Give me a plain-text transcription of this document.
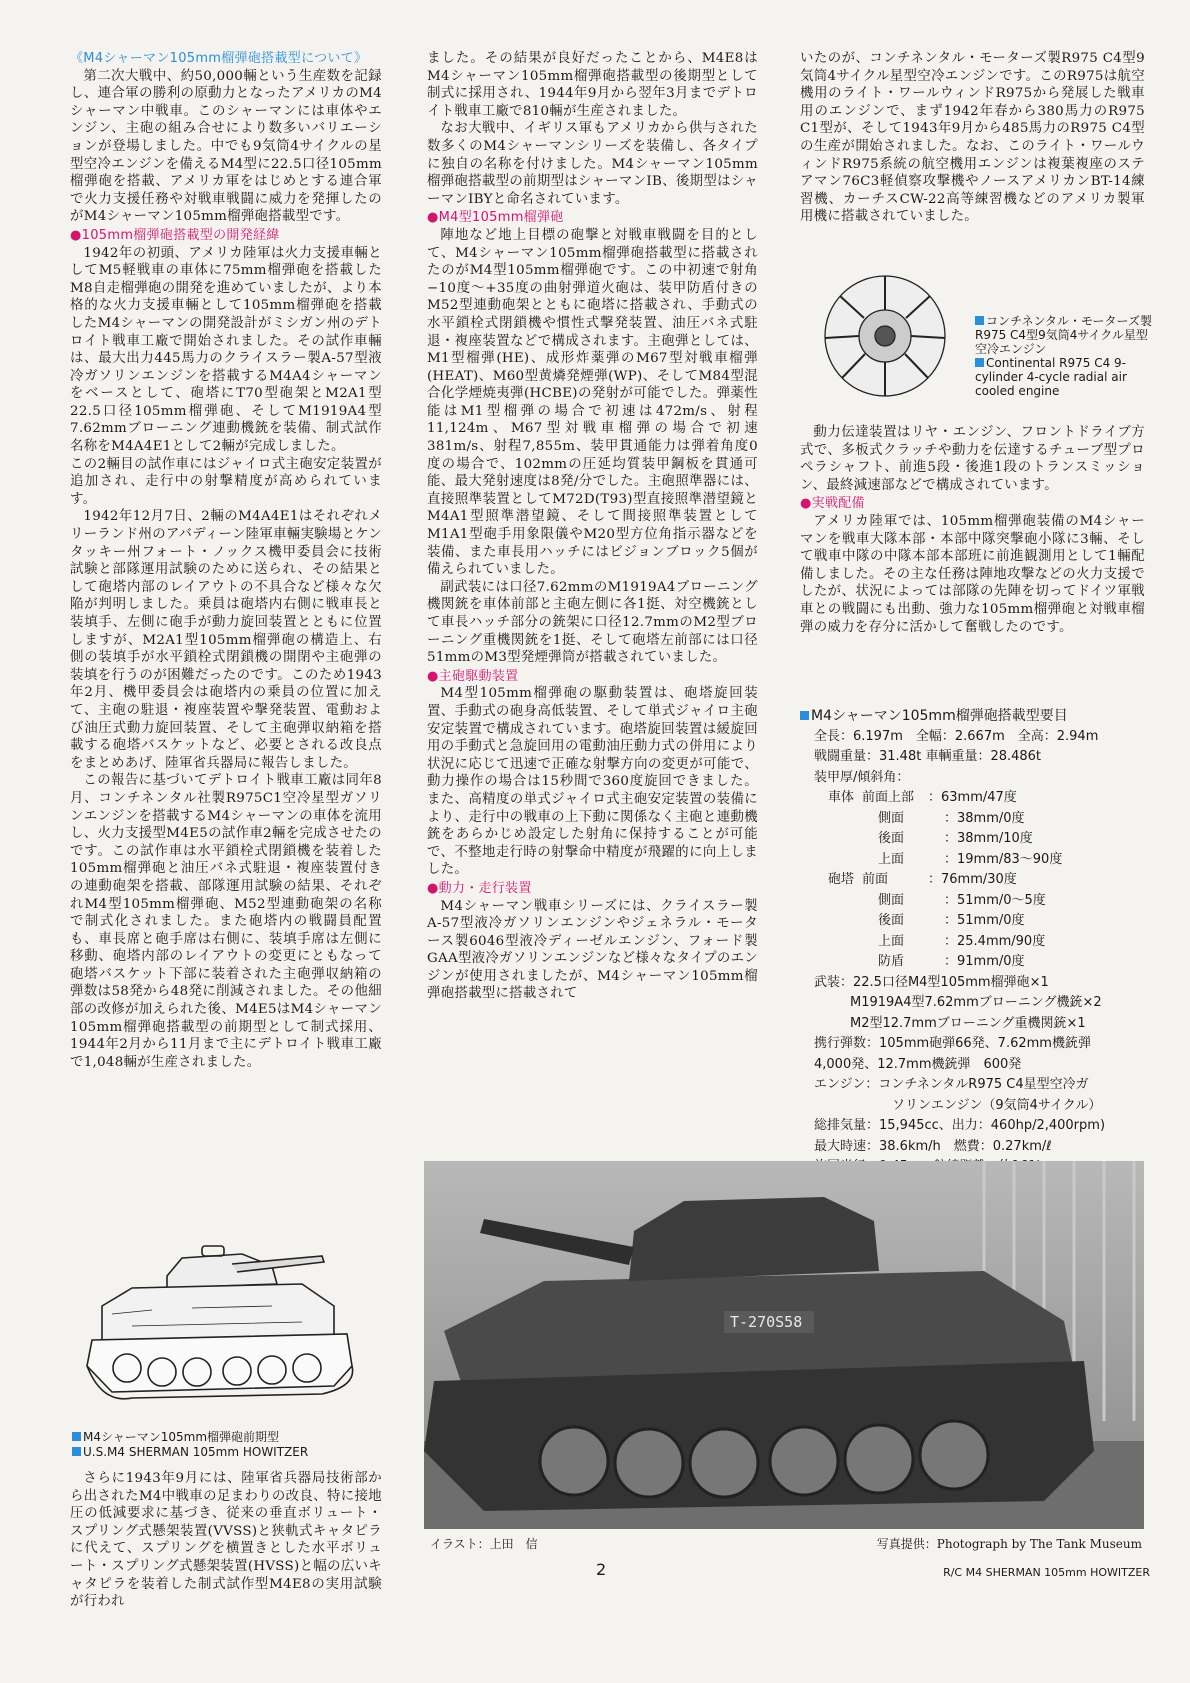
《M4シャーマン105mm榴弾砲搭載型について》

第二次大戦中、約50,000輛という生産数を記録し、連合軍の勝利の原動力となったアメリカのM4シャーマン中戦車。このシャーマンには車体やエンジン、主砲の組み合せにより数多いバリエーションが登場しました。中でも9気筒4サイクルの星型空冷エンジンを備えるM4型に22.5口径105mm榴弾砲を搭載、アメリカ軍をはじめとする連合軍で火力支援任務や対戦車戦闘に威力を発揮したのがM4シャーマン105mm榴弾砲搭載型です。

●105mm榴弾砲搭載型の開発経緯

1942年の初頭、アメリカ陸軍は火力支援車輛としてM5軽戦車の車体に75mm榴弾砲を搭載したM8自走榴弾砲の開発を進めていましたが、より本格的な火力支援車輛として105mm榴弾砲を搭載したM4シャーマンの開発設計がミシガン州のデトロイト戦車工廠で開始されました。その試作車輛は、最大出力445馬力のクライスラー製A-57型液冷ガソリンエンジンを搭載するM4A4シャーマンをベースとして、砲塔にT70型砲架とM2A1型22.5口径105mm榴弾砲、そしてM1919A4型7.62mmブローニング連動機銃を装備、制式試作名称をM4A4E1として2輛が完成しました。

この2輛目の試作車にはジャイロ式主砲安定装置が追加され、走行中の射撃精度が高められています。

1942年12月7日、2輛のM4A4E1はそれぞれメリーランド州のアバディーン陸軍車輛実験場とケンタッキー州フォート・ノックス機甲委員会に技術試験と部隊運用試験のために送られ、その結果として砲塔内部のレイアウトの不具合など様々な欠陥が判明しました。乗員は砲塔内右側に戦車長と装填手、左側に砲手が動力旋回装置とともに位置しますが、M2A1型105mm榴弾砲の構造上、右側の装填手が水平鎖栓式閉鎖機の開閉や主砲弾の装填を行うのが困難だったのです。このため1943年2月、機甲委員会は砲塔内の乗員の位置に加えて、主砲の駐退・複座装置や撃発装置、電動および油圧式動力旋回装置、そして主砲弾収納箱を搭載する砲塔バスケットなど、必要とされる改良点をまとめあげ、陸軍省兵器局に報告しました。

この報告に基づいてデトロイト戦車工廠は同年8月、コンチネンタル社製R975C1空冷星型ガソリンエンジンを搭載するM4シャーマンの車体を流用し、火力支援型M4E5の試作車2輛を完成させたのです。この試作車は水平鎖栓式閉鎖機を装着した105mm榴弾砲と油圧バネ式駐退・複座装置付きの連動砲架を搭載、部隊運用試験の結果、それぞれM4型105mm榴弾砲、M52型連動砲架の名称で制式化されました。また砲塔内の戦闘員配置も、車長席と砲手席は右側に、装填手席は左側に移動、砲塔内部のレイアウトの変更にともなって砲塔バスケット下部に装着された主砲弾収納箱の弾数は58発から48発に削減されました。その他細部の改修が加えられた後、M4E5はM4シャーマン105mm榴弾砲搭載型の前期型として制式採用、1944年2月から11月まで主にデトロイト戦車工廠で1,048輛が生産されました。

M4シャーマン105mm榴弾砲前期型
U.S.M4 SHERMAN 105mm HOWITZER

さらに1943年9月には、陸軍省兵器局技術部から出されたM4中戦車の足まわりの改良、特に接地圧の低減要求に基づき、従来の垂直ボリュート・スプリング式懸架装置(VVSS)と狭軌式キャタピラに代えて、スプリングを横置きとした水平ボリュート・スプリング式懸架装置(HVSS)と幅の広いキャタピラを装着した制式試作型M4E8の実用試験が行われ

ました。その結果が良好だったことから、M4E8はM4シャーマン105mm榴弾砲搭載型の後期型として制式に採用され、1944年9月から翌年3月までデトロイト戦車工廠で810輛が生産されました。

なお大戦中、イギリス軍もアメリカから供与された数多くのM4シャーマンシリーズを装備し、各タイプに独自の名称を付けました。M4シャーマン105mm榴弾砲搭載型の前期型はシャーマンIB、後期型はシャーマンIBYと命名されています。

●M4型105mm榴弾砲

陣地など地上目標の砲撃と対戦車戦闘を目的として、M4シャーマン105mm榴弾砲搭載型に搭載されたのがM4型105mm榴弾砲です。この中初速で射角−10度〜+35度の曲射弾道火砲は、装甲防盾付きのM52型連動砲架とともに砲塔に搭載され、手動式の水平鎖栓式閉鎖機や慣性式撃発装置、油圧バネ式駐退・複座装置などで構成されます。主砲弾としては、M1型榴弾(HE)、成形炸薬弾のM67型対戦車榴弾(HEAT)、M60型黄燐発煙弾(WP)、そしてM84型混合化学煙焼夷弾(HCBE)の発射が可能でした。弾薬性能はM1型榴弾の場合で初速は472m/s、射程11,124m、M67型対戦車榴弾の場合で初速381m/s、射程7,855m、装甲貫通能力は弾着角度0度の場合で、102mmの圧延均質装甲鋼板を貫通可能、最大発射速度は8発/分でした。主砲照準器には、直接照準装置としてM72D(T93)型直接照準潜望鏡とM4A1型照準潜望鏡、そして間接照準装置としてM1A1型砲手用象限儀やM20型方位角指示器などを装備、また車長用ハッチにはビジョンブロック5個が備えられていました。

副武装には口径7.62mmのM1919A4ブローニング機関銃を車体前部と主砲左側に各1挺、対空機銃として車長ハッチ部分の銃架に口径12.7mmのM2型ブローニング重機関銃を1挺、そして砲塔左前部には口径51mmのM3型発煙弾筒が搭載されていました。

●主砲駆動装置

M4型105mm榴弾砲の駆動装置は、砲塔旋回装置、手動式の砲身高低装置、そして単式ジャイロ主砲安定装置で構成されています。砲塔旋回装置は緩旋回用の手動式と急旋回用の電動油圧動力式の併用により状況に応じて迅速で正確な射撃方向の変更が可能で、動力操作の場合は15秒間で360度旋回できました。また、高精度の単式ジャイロ式主砲安定装置の装備により、走行中の戦車の上下動に関係なく主砲と連動機銃をあらかじめ設定した射角に保持することが可能で、不整地走行時の射撃命中精度が飛躍的に向上しました。

●動力・走行装置

M4シャーマン戦車シリーズには、クライスラー製A-57型液冷ガソリンエンジンやジェネラル・モータース製6046型液冷ディーゼルエンジン、フォード製GAA型液冷ガソリンエンジンなど様々なタイプのエンジンが使用されましたが、M4シャーマン105mm榴弾砲搭載型に搭載されて

いたのが、コンチネンタル・モーターズ製R975 C4型9気筒4サイクル星型空冷エンジンです。このR975は航空機用のライト・ワールウィンドR975から発展した戦車用のエンジンで、まず1942年春から380馬力のR975 C1型が、そして1943年9月から485馬力のR975 C4型の生産が開始されました。なお、このライト・ワールウィンドR975系統の航空機用エンジンは複葉複座のステアマン76C3軽偵察攻撃機やノースアメリカンBT-14練習機、カーチスCW-22高等練習機などのアメリカ製軍用機に搭載されていました。

コンチネンタル・モーターズ製 R975 C4型9気筒4サイクル星型空冷エンジン
Continental R975 C4 9-cylinder 4-cycle radial air cooled engine

動力伝達装置はリヤ・エンジン、フロントドライブ方式で、多板式クラッチや動力を伝達するチューブ型プロペラシャフト、前進5段・後進1段のトランスミッション、最終減速部などで構成されています。

●実戦配備

アメリカ陸軍では、105mm榴弾砲装備のM4シャーマンを戦車大隊本部・本部中隊突撃砲小隊に3輛、そして戦車中隊の中隊本部本部班に前進観測用として1輛配備しました。その主な任務は陣地攻撃などの火力支援でしたが、状況によっては部隊の先陣を切ってドイツ軍戦車との戦闘にも出動、強力な105mm榴弾砲と対戦車榴弾の威力を存分に活かして奮戦したのです。

M4シャーマン105mm榴弾砲搭載型要目
全長：6.197m　全幅：2.667m　全高：2.94m
戦闘重量：31.48t 車輌重量：28.486t
装甲厚/傾斜角：
車体 前面上部	：63mm/47度
側面	：38mm/0度
後面	：38mm/10度
上面	：19mm/83〜90度
砲塔 前面	：76mm/30度
側面	：51mm/0〜5度
後面	：51mm/0度
上面	：25.4mm/90度
防盾	：91mm/0度
武装：22.5口径M4型105mm榴弾砲×1
M1919A4型7.62mmブローニング機銃×2
M2型12.7mmブローニング重機関銃×1
携行弾数：105mm砲弾66発、7.62mm機銃弾
4,000発、12.7mm機銃弾　600発
エンジン：コンチネンタルR975 C4星型空冷ガ
ソリンエンジン（9気筒4サイクル）
総排気量：15,945cc、出力：460hp/2,400rpm)
最大時速：38.6km/h　燃費：0.27km/ℓ
T-270S58
イラスト：上田　信	写真提供：Photograph by The Tank Museum
2	R/C M4 SHERMAN 105mm HOWITZER
